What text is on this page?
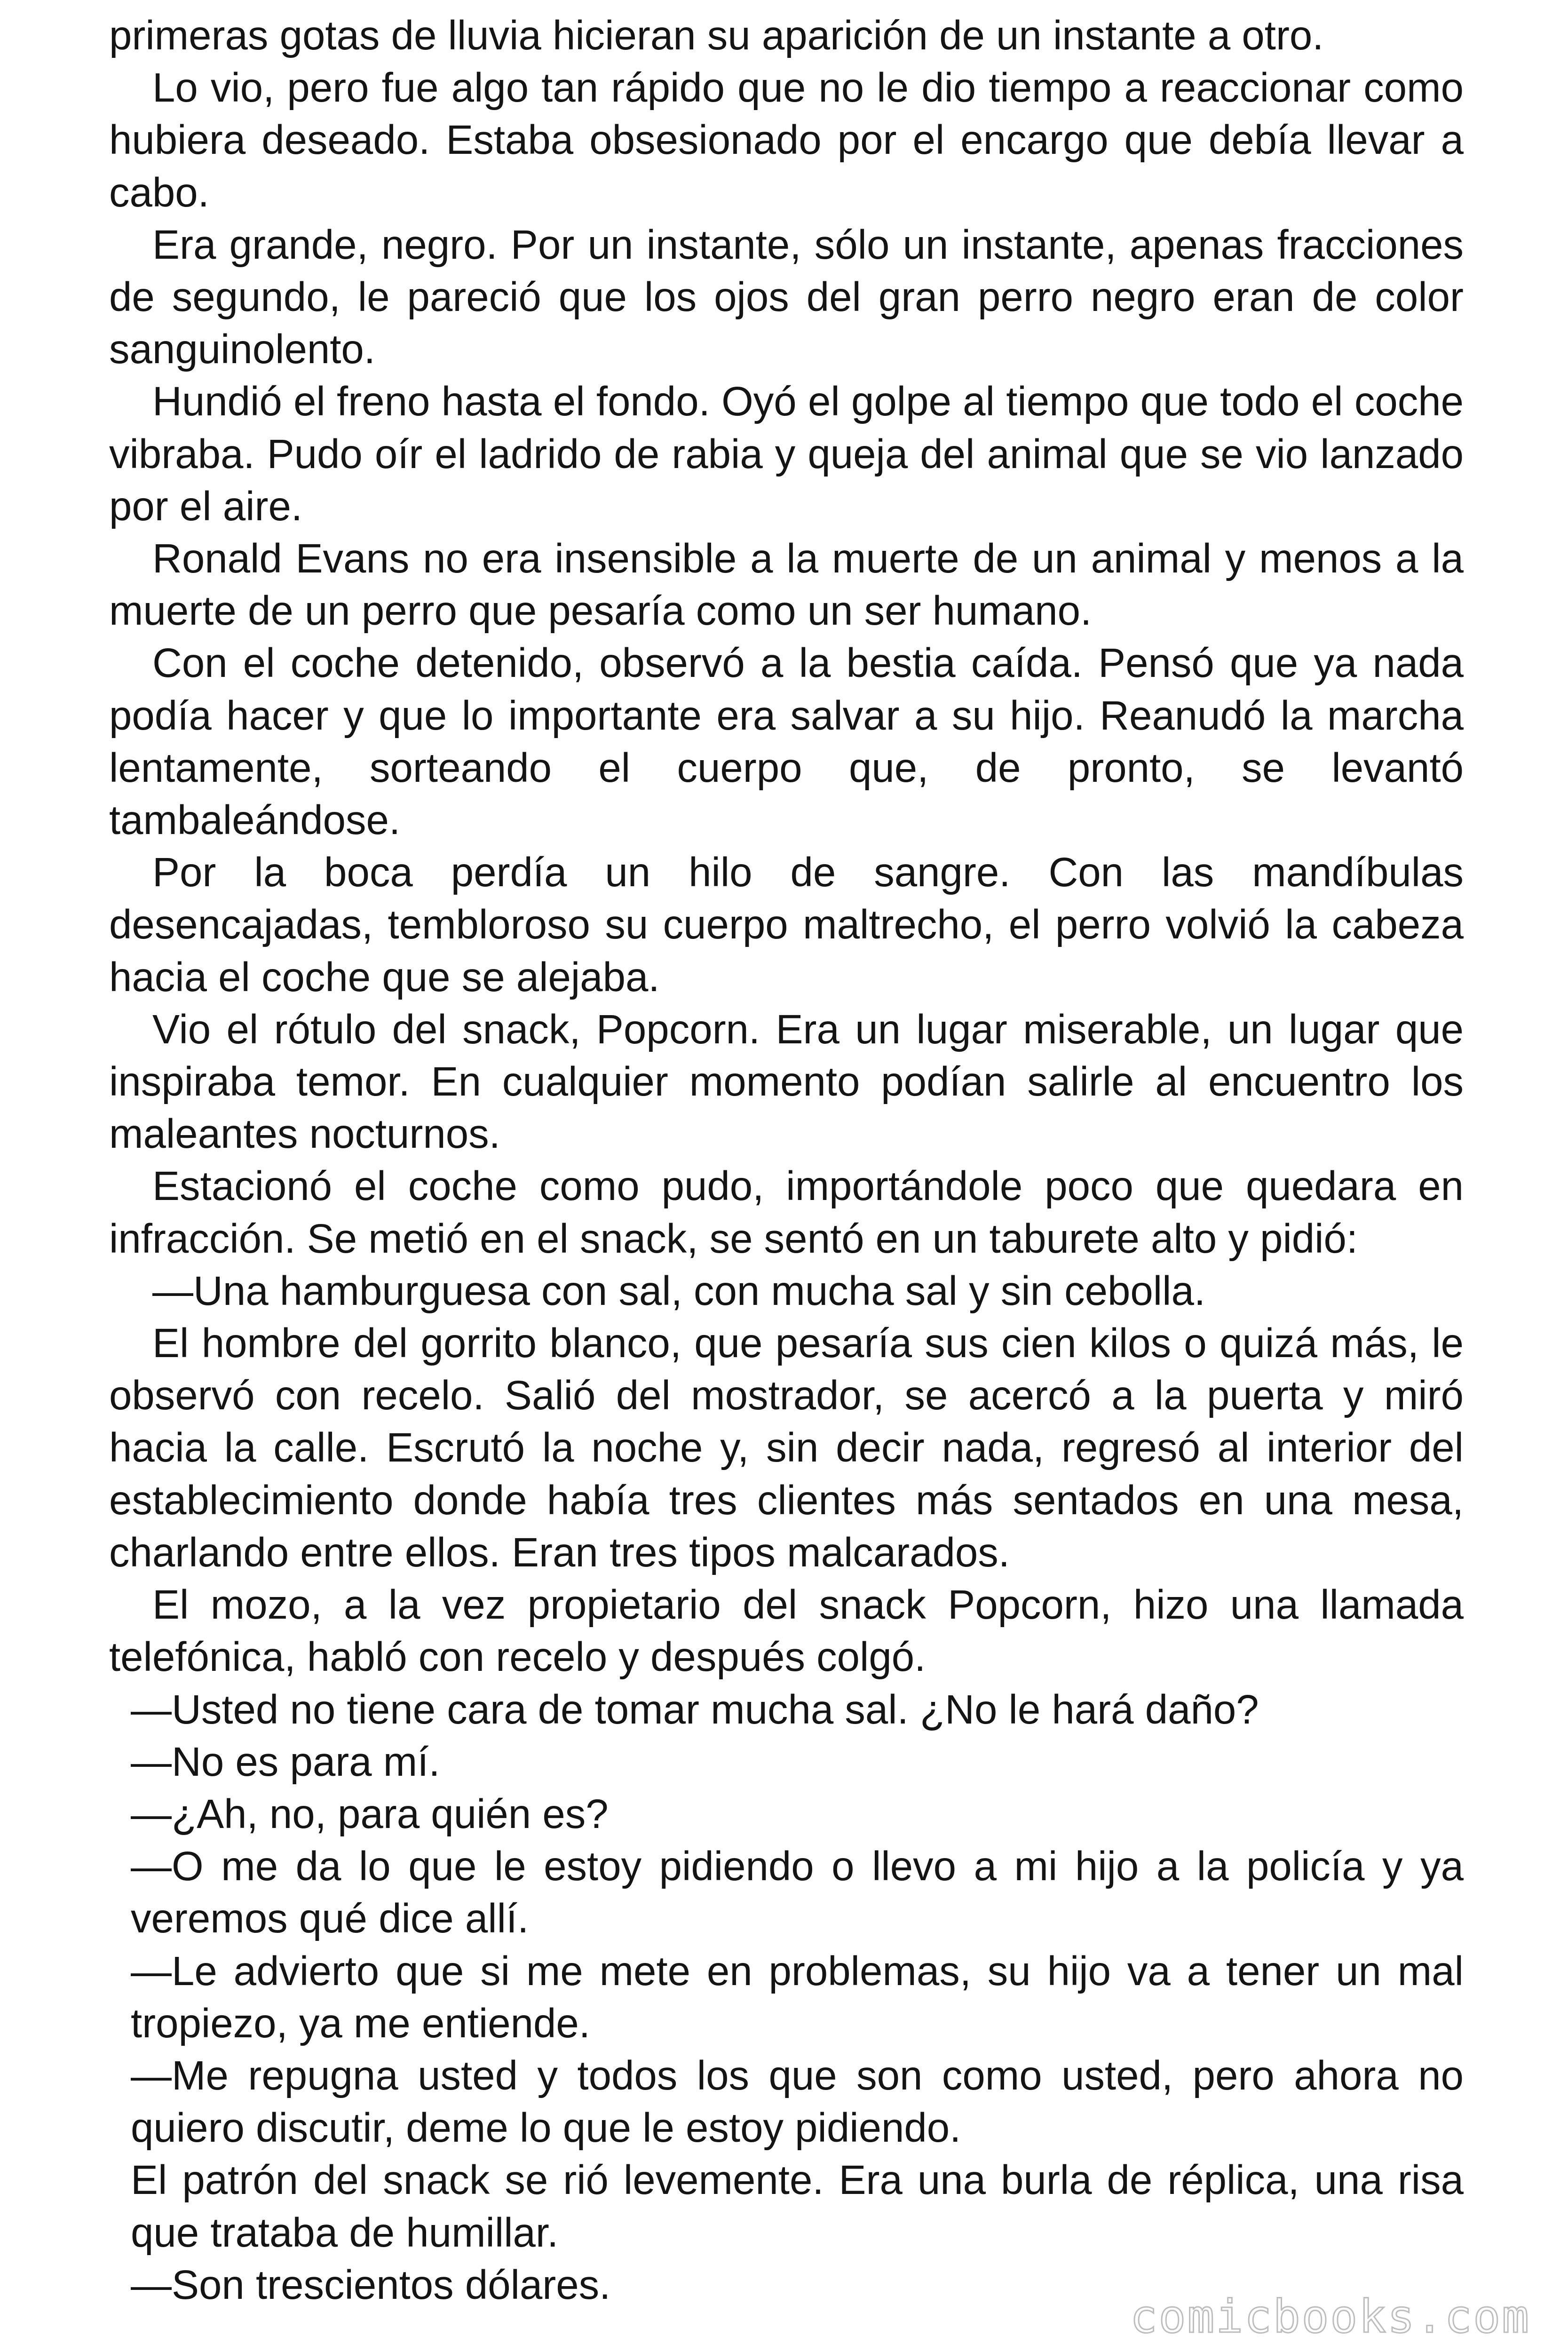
primeras gotas de lluvia hicieran su aparición de un instante a otro.

Lo vio, pero fue algo tan rápido que no le dio tiempo a reaccionar como hubiera deseado. Estaba obsesionado por el encargo que debía llevar a cabo.

Era grande, negro. Por un instante, sólo un instante, apenas fracciones de segundo, le pareció que los ojos del gran perro negro eran de color sanguinolento.

Hundió el freno hasta el fondo. Oyó el golpe al tiempo que todo el coche vibraba. Pudo oír el ladrido de rabia y queja del animal que se vio lanzado por el aire.

Ronald Evans no era insensible a la muerte de un animal y menos a la muerte de un perro que pesaría como un ser humano.

Con el coche detenido, observó a la bestia caída. Pensó que ya nada podía hacer y que lo importante era salvar a su hijo. Reanudó la marcha lentamente, sorteando el cuerpo que, de pronto, se levantó tambaleándose.

Por la boca perdía un hilo de sangre. Con las mandíbulas desencajadas, tembloroso su cuerpo maltrecho, el perro volvió la cabeza hacia el coche que se alejaba.

Vio el rótulo del snack, Popcorn. Era un lugar miserable, un lugar que inspiraba temor. En cualquier momento podían salirle al encuentro los maleantes nocturnos.

Estacionó el coche como pudo, importándole poco que quedara en infracción. Se metió en el snack, se sentó en un taburete alto y pidió:

—Una hamburguesa con sal, con mucha sal y sin cebolla.

El hombre del gorrito blanco, que pesaría sus cien kilos o quizá más, le observó con recelo. Salió del mostrador, se acercó a la puerta y miró hacia la calle. Escrutó la noche y, sin decir nada, regresó al interior del establecimiento donde había tres clientes más sentados en una mesa, charlando entre ellos. Eran tres tipos malcarados.

El mozo, a la vez propietario del snack Popcorn, hizo una llamada telefónica, habló con recelo y después colgó.

—Usted no tiene cara de tomar mucha sal. ¿No le hará daño?

—No es para mí.

—¿Ah, no, para quién es?

—O me da lo que le estoy pidiendo o llevo a mi hijo a la policía y ya veremos qué dice allí.

—Le advierto que si me mete en problemas, su hijo va a tener un mal tropiezo, ya me entiende.

—Me repugna usted y todos los que son como usted, pero ahora no quiero discutir, deme lo que le estoy pidiendo.

El patrón del snack se rió levemente. Era una burla de réplica, una risa que trataba de humillar.

—Son trescientos dólares.

comicbooks.com
